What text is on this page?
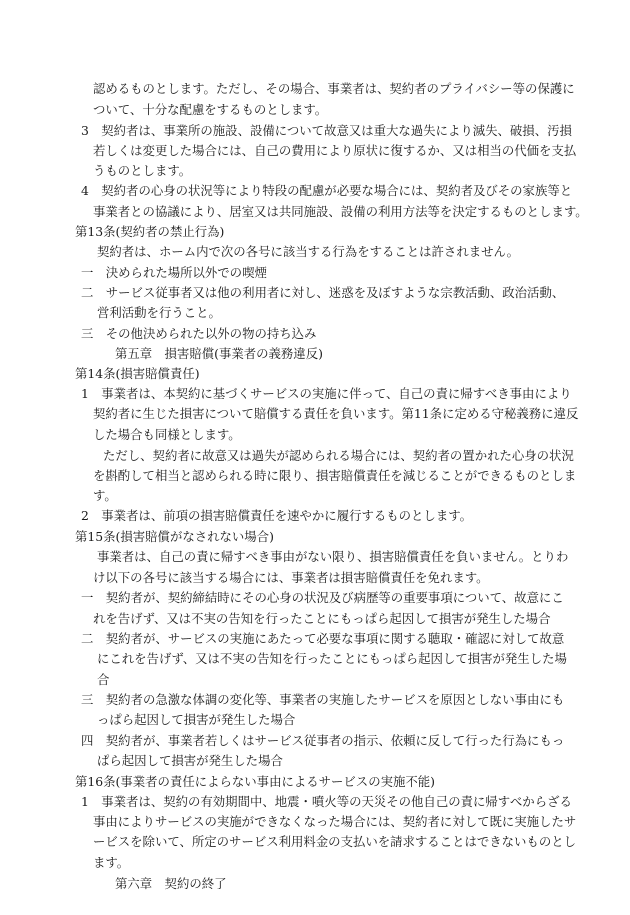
認めるものとします。ただし、その場合、事業者は、契約者のプライバシー等の保護に
ついて、十分な配慮をするものとします。
3　契約者は、事業所の施設、設備について故意又は重大な過失により滅失、破損、汚損
若しくは変更した場合には、自己の費用により原状に復するか、又は相当の代価を支払
うものとします。
4　契約者の心身の状況等により特段の配慮が必要な場合には、契約者及びその家族等と
事業者との協議により、居室又は共同施設、設備の利用方法等を決定するものとします。
第13条(契約者の禁止行為)
契約者は、ホーム内で次の各号に該当する行為をすることは許されません。
一　決められた場所以外での喫煙
二　サービス従事者又は他の利用者に対し、迷惑を及ぼすような宗教活動、政治活動、
営利活動を行うこと。
三　その他決められた以外の物の持ち込み
第五章　損害賠償(事業者の義務違反)
第14条(損害賠償責任)
1　事業者は、本契約に基づくサービスの実施に伴って、自己の責に帰すべき事由により
契約者に生じた損害について賠償する責任を負います。第11条に定める守秘義務に違反
した場合も同様とします。
ただし、契約者に故意又は過失が認められる場合には、契約者の置かれた心身の状況
を斟酌して相当と認められる時に限り、損害賠償責任を減じることができるものとしま
す。
2　事業者は、前項の損害賠償責任を速やかに履行するものとします。
第15条(損害賠償がなされない場合)
事業者は、自己の責に帰すべき事由がない限り、損害賠償責任を負いません。とりわ
け以下の各号に該当する場合には、事業者は損害賠償責任を免れます。
一　契約者が、契約締結時にその心身の状況及び病歴等の重要事項について、故意にこ
れを告げず、又は不実の告知を行ったことにもっぱら起因して損害が発生した場合
二　契約者が、サービスの実施にあたって必要な事項に関する聴取・確認に対して故意
にこれを告げず、又は不実の告知を行ったことにもっぱら起因して損害が発生した場
合
三　契約者の急激な体調の変化等、事業者の実施したサービスを原因としない事由にも
っぱら起因して損害が発生した場合
四　契約者が、事業者若しくはサービス従事者の指示、依頼に反して行った行為にもっ
ぱら起因して損害が発生した場合
第16条(事業者の責任によらない事由によるサービスの実施不能)
1　事業者は、契約の有効期間中、地震・噴火等の天災その他自己の責に帰すべからざる
事由によりサービスの実施ができなくなった場合には、契約者に対して既に実施したサ
ービスを除いて、所定のサービス利用料金の支払いを請求することはできないものとし
ます。
第六章　契約の終了
